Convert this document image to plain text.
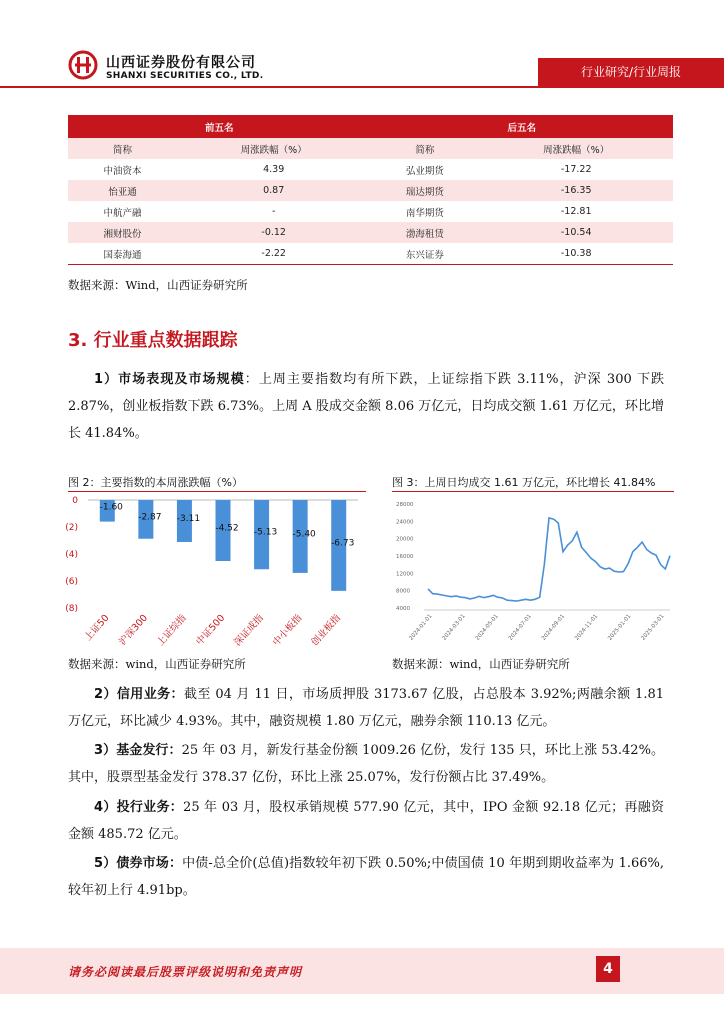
山西证券股份有限公司
SHANXI SECURITIES CO., LTD.	行业研究/行业周报
前五名		后五名	
简称	周涨跌幅（%）	简称	周涨跌幅（%）
中油资本	4.39	弘业期货	-17.22
怡亚通	0.87	瑞达期货	-16.35
中航产融	-	南华期货	-12.81
湘财股份	-0.12	渤海租赁	-10.54
国泰海通	-2.22	东兴证券	-10.38
数据来源：Wind，山西证券研究所
3. 行业重点数据跟踪
1）市场表现及市场规模：上周主要指数均有所下跌，上证综指下跌 3.11%，沪深 300 下跌 2.87%，创业板指数下跌 6.73%。上周 A 股成交金额 8.06 万亿元，日均成交额 1.61 万亿元，环比增长 41.84%。
图 2：主要指数的本周涨跌幅（%）
0
(2)
(4)
(6)
(8)
-1.60
上证50
-2.87
沪深300
-3.11
上证综指
-4.52
中证500
-5.13
深证成指
-5.40
中小板指
-6.73
创业板指
数据来源：wind，山西证券研究所
图 3：上周日均成交 1.61 万亿元，环比增长 41.84%
28000
24000
20000
16000
12000
8000
4000
2024-01-01 2024-03-01 2024-05-01 2024-07-01 2024-09-01 2024-11-01 2025-01-01 2025-03-01
数据来源：wind，山西证券研究所
2）信用业务：截至 04 月 11 日，市场质押股 3173.67 亿股，占总股本 3.92%;两融余额 1.81 万亿元，环比减少 4.93%。其中，融资规模 1.80 万亿元，融券余额 110.13 亿元。
3）基金发行：25 年 03 月，新发行基金份额 1009.26 亿份，发行 135 只，环比上涨 53.42%。其中，股票型基金发行 378.37 亿份，环比上涨 25.07%，发行份额占比 37.49%。
4）投行业务：25 年 03 月，股权承销规模 577.90 亿元，其中，IPO 金额 92.18 亿元；再融资金额 485.72 亿元。
5）债券市场：中债-总全价(总值)指数较年初下跌 0.50%;中债国债 10 年期到期收益率为 1.66%,较年初上行 4.91bp。
请务必阅读最后股票评级说明和免责声明	4
